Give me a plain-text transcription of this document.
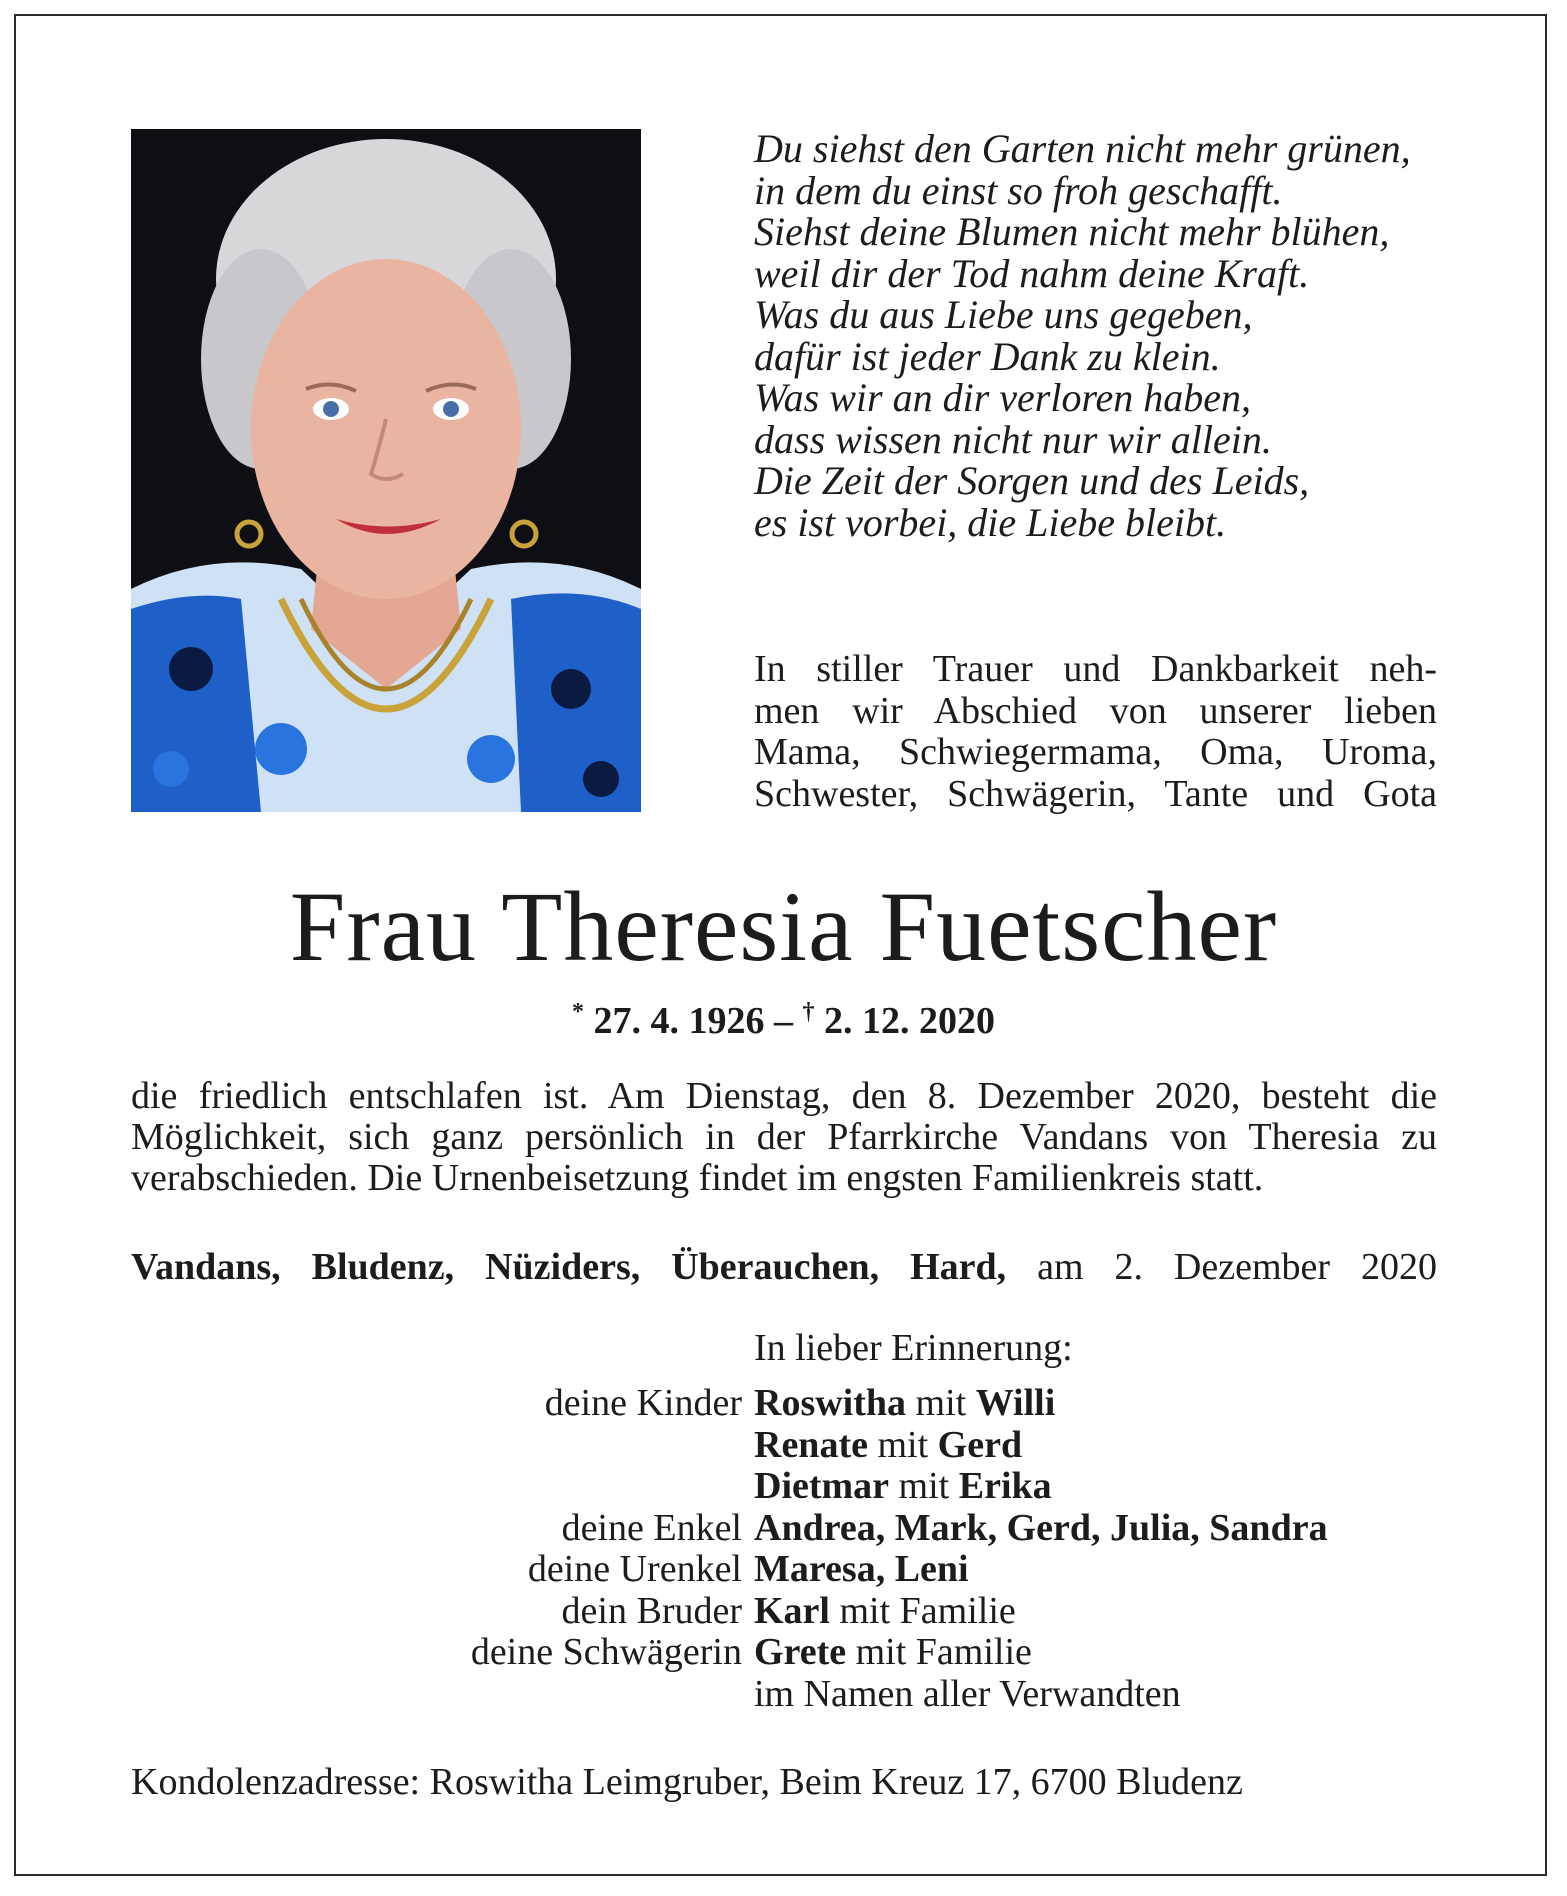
Du siehst den Garten nicht mehr grünen,
in dem du einst so froh geschafft.
Siehst deine Blumen nicht mehr blühen,
weil dir der Tod nahm deine Kraft.
Was du aus Liebe uns gegeben,
dafür ist jeder Dank zu klein.
Was wir an dir verloren haben,
dass wissen nicht nur wir allein.
Die Zeit der Sorgen und des Leids,
es ist vorbei, die Liebe bleibt.
In stiller Trauer und Dankbarkeit neh-
men wir Abschied von unserer lieben
Mama, Schwiegermama, Oma, Uroma,
Schwester, Schwägerin, Tante und Gota
Frau Theresia Fuetscher
* 27. 4. 1926 – † 2. 12. 2020
die friedlich entschlafen ist. Am Dienstag, den 8. Dezember 2020, besteht die
Möglichkeit, sich ganz persönlich in der Pfarrkirche Vandans von Theresia zu
verabschieden. Die Urnenbeisetzung findet im engsten Familienkreis statt.
Vandans, Bludenz, Nüziders, Überauchen, Hard, am 2. Dezember 2020
In lieber Erinnerung:
deine Kinder Roswitha mit Willi
Renate mit Gerd
Dietmar mit Erika
deine Enkel Andrea, Mark, Gerd, Julia, Sandra
deine Urenkel Maresa, Leni
dein Bruder Karl mit Familie
deine Schwägerin Grete mit Familie
im Namen aller Verwandten
Kondolenzadresse: Roswitha Leimgruber, Beim Kreuz 17, 6700 Bludenz
